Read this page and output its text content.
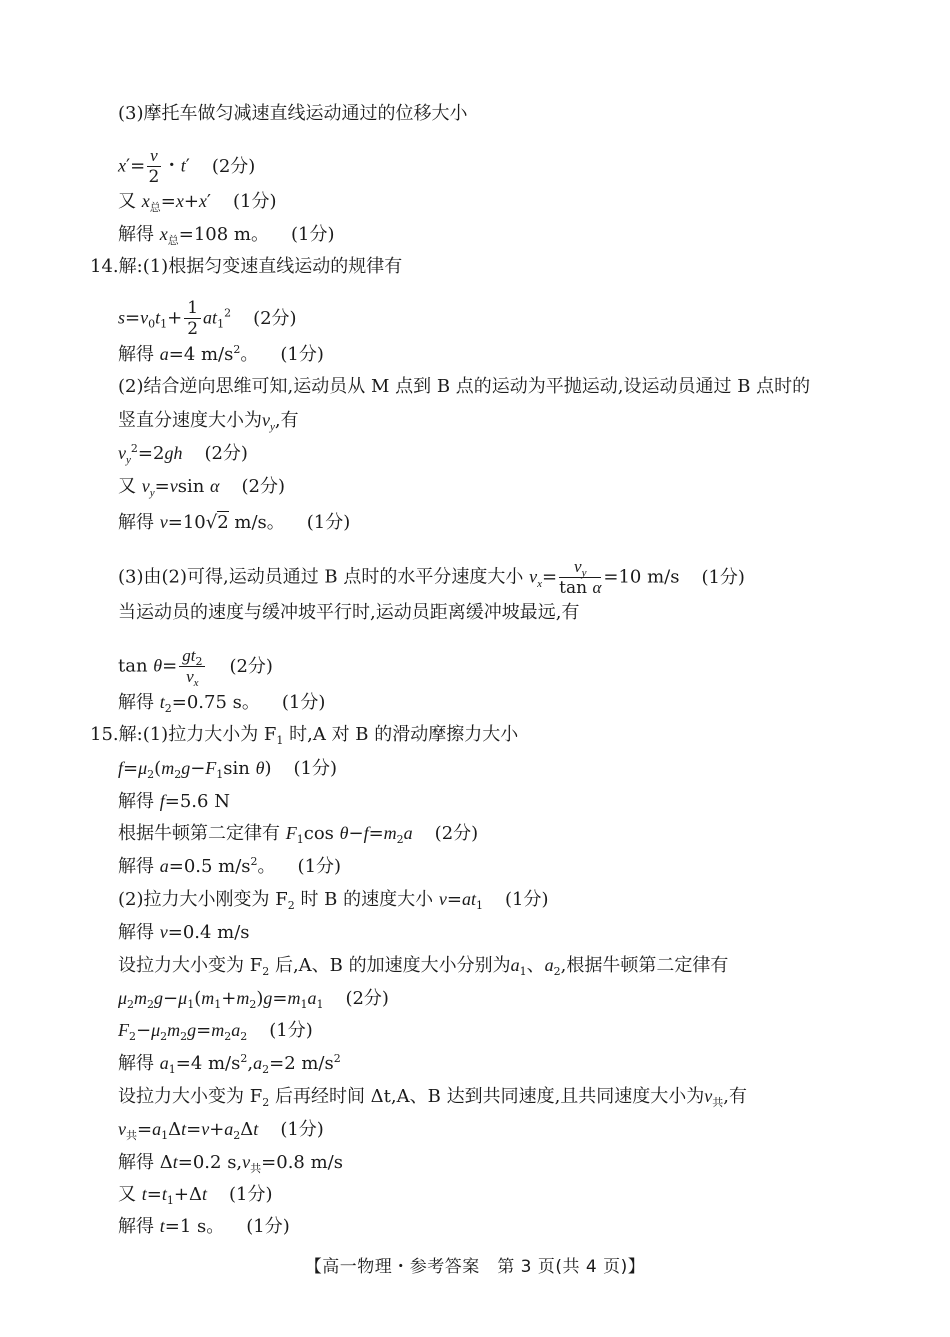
(3)摩托车做匀减速直线运动通过的位移大小
$x'= \frac{v}{2}$ ・t′ (2分)
又 $x_总=x+x'$ (1分)
解得 $x_总=108$ m。 (1分)
14.解:(1)根据匀变速直线运动的规律有
$s=v_0t_1+ \frac{1}{2} at_1^2$ (2分)
解得 a=4 $m/s^2$。 (1分)
(2)结合逆向思维可知,运动员从 M 点到 B 点的运动为平抛运动,设运动员通过 B 点时的
竖直分速度大小为$v_y$,有
$v_y^2=2gh$ (2分)
又 $v_y=vsin$ α (2分)
解得 v=10√2 m/s。 (1分)
(3)由(2)可得,运动员通过 B 点时的水平分速度大小 $v_x= \frac{v_y}{\text{tan α}} =10$ m/s (1分)
当运动员的速度与缓冲坡平行时,运动员距离缓冲坡最远,有
$\tan \theta= \frac{gt_2}{v_x} (2$分)
解得 $t_2=0.75$ s。 (1分)
15.解:(1)拉力大小为 $F_1$ 时,A 对 B 的滑动摩擦力大小
$f=\mu_2(m_2g-F_1\sin$ θ) (1分)
解得 f=5.6 N
根据牛顿第二定律有 $F_1\cos$ $\theta-f=m_2a$ (2分)
解得 a=0.5 $m/s^2$。 (1分)
(2)拉力大小刚变为 $F_2$ 时 B 的速度大小 $v=at_1$ (1分)
解得 v=0.4 m/s
设拉力大小变为 $F_2$ 后,A、B 的加速度大小分别为$a_1$、$a_2$,根据牛顿第二定律有
$\mu_2m_2g-\mu_1(m_1+m_2)g=m_1a_1$ (2分)
$F_2-\mu_2m_2g=m_2a_2$ (1分)
解得 $a_1=4$ $m/s^2,a_2=2$ $m/s^2$
设拉力大小变为 $F_2$ 后再经时间 Δt,A、B 达到共同速度,且共同速度大小为$v_共$,有
$v_共=a_1\Delta t=v+a_2\Delta t$ (1分)
解得 Δt=0.2 $s,v_共=0.8$ m/s
又 $t=t_1+\Delta t$ (1分)
解得 t=1 s。 (1分)
【高一物理・参考答案　第 3 页(共 4 页)】
